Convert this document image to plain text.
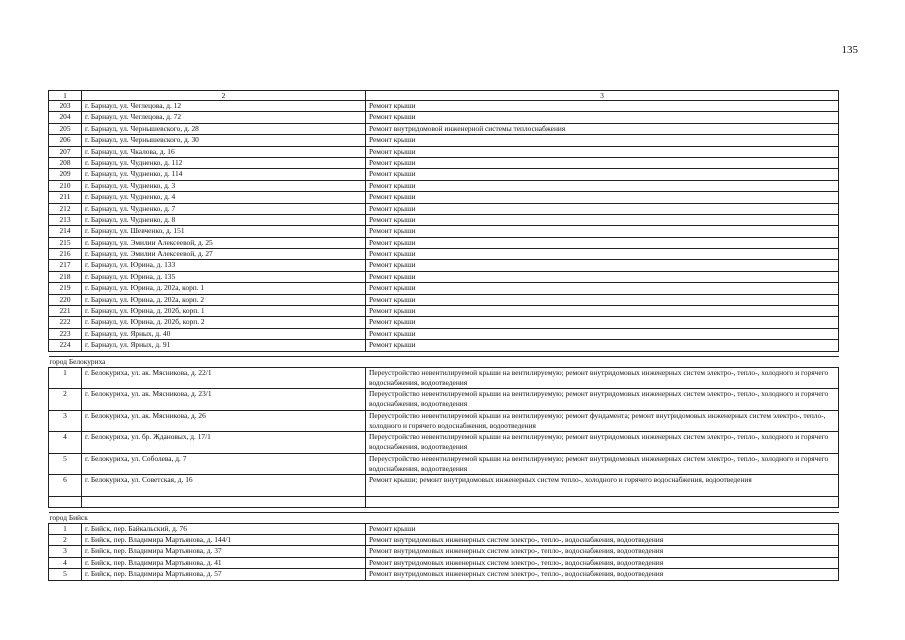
135
1	2	3
203	г. Барнаул, ул. Чеглецова, д. 12	Ремонт крыши
204	г. Барнаул, ул. Чеглецова, д. 72	Ремонт крыши
205	г. Барнаул, ул. Чернышевского, д. 28	Ремонт внутридомовой инженерной системы теплоснабжения
206	г. Барнаул, ул. Чернышевского, д. 30	Ремонт крыши
207	г. Барнаул, ул. Чкалова, д. 16	Ремонт крыши
208	г. Барнаул, ул. Чудненко, д. 112	Ремонт крыши
209	г. Барнаул, ул. Чудненко, д. 114	Ремонт крыши
210	г. Барнаул, ул. Чудненко, д. 3	Ремонт крыши
211	г. Барнаул, ул. Чудненко, д. 4	Ремонт крыши
212	г. Барнаул, ул. Чудненко, д. 7	Ремонт крыши
213	г. Барнаул, ул. Чудненко, д. 8	Ремонт крыши
214	г. Барнаул, ул. Шевченко, д. 151	Ремонт крыши
215	г. Барнаул, ул. Эмилии Алексеевой, д. 25	Ремонт крыши
216	г. Барнаул, ул. Эмилии Алексеевой, д. 27	Ремонт крыши
217	г. Барнаул, ул. Юрина, д. 133	Ремонт крыши
218	г. Барнаул, ул. Юрина, д. 135	Ремонт крыши
219	г. Барнаул, ул. Юрина, д. 202а, корп. 1	Ремонт крыши
220	г. Барнаул, ул. Юрина, д. 202а, корп. 2	Ремонт крыши
221	г. Барнаул, ул. Юрина, д. 202б, корп. 1	Ремонт крыши
222	г. Барнаул, ул. Юрина, д. 202б, корп. 2	Ремонт крыши
223	г. Барнаул, ул. Ярных, д. 40	Ремонт крыши
224	г. Барнаул, ул. Ярных, д. 91	Ремонт крыши

город Белокуриха		
1	г. Белокуриха, ул. ак. Мясникова, д. 22/1	Переустройство невентилируемой крыши на вентилируемую; ремонт внутридомовых инженерных систем электро-, тепло-, холодного и горячего водоснабжения, водоотведения
2	г. Белокуриха, ул. ак. Мясникова, д. 23/1	Переустройство невентилируемой крыши на вентилируемую; ремонт внутридомовых инженерных систем электро-, тепло-, холодного и горячего водоснабжения, водоотведения
3	г. Белокуриха, ул. ак. Мясникова, д. 26	Переустройство невентилируемой крыши на вентилируемую; ремонт фундамента; ремонт внутридомовых инженерных систем электро-, тепло-, холодного и горячего водоснабжения, водоотведения
4	г. Белокуриха, ул. бр. Ждановых, д. 17/1	Переустройство невентилируемой крыши на вентилируемую; ремонт внутридомовых инженерных систем электро-, тепло-, холодного и горячего водоснабжения, водоотведения
5	г. Белокуриха, ул. Соболева, д. 7	Переустройство невентилируемой крыши на вентилируемую; ремонт внутридомовых инженерных систем электро-, тепло-, холодного и горячего водоснабжения, водоотведения
6	г. Белокуриха, ул. Советская, д. 16	Ремонт крыши; ремонт внутридомовых инженерных систем тепло-, холодного и горячего водоснабжения, водоотведения

город Бийск		
1	г. Бийск, пер. Байкальский, д. 76	Ремонт крыши
2	г. Бийск, пер. Владимира Мартьянова, д. 144/1	Ремонт внутридомовых инженерных систем электро-, тепло-, водоснабжения, водоотведения
3	г. Бийск, пер. Владимира Мартьянова, д. 37	Ремонт внутридомовых инженерных систем электро-, тепло-, водоснабжения, водоотведения
4	г. Бийск, пер. Владимира Мартьянова, д. 41	Ремонт внутридомовых инженерных систем электро-, тепло-, водоснабжения, водоотведения
5	г. Бийск, пер. Владимира Мартьянова, д. 57	Ремонт внутридомовых инженерных систем электро-, тепло-, водоснабжения, водоотведения
